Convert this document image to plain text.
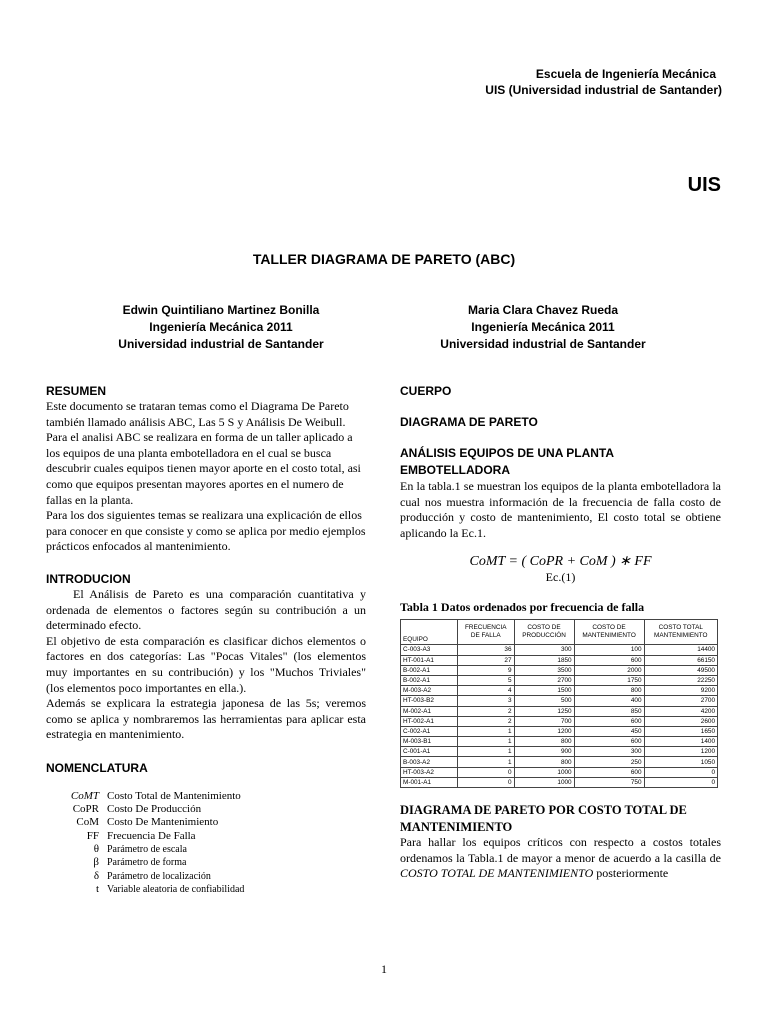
Escuela de Ingeniería Mecánica
UIS (Universidad industrial de Santander)
UIS
TALLER DIAGRAMA DE PARETO (ABC)
Edwin Quintiliano Martinez Bonilla
Ingeniería Mecánica 2011
Universidad industrial de Santander
Maria Clara Chavez Rueda
Ingeniería Mecánica 2011
Universidad industrial de Santander
RESUMEN

Este documento se trataran temas como el Diagrama De Pareto también llamado análisis ABC, Las 5 S y Análisis De Weibull. Para el analisi ABC se realizara en forma de un taller aplicado a los equipos de una planta embotelladora en el cual se busca descubrir cuales equipos tienen mayor aporte en el costo total, asi como que equipos presentan mayores aportes en el numero de fallas en la planta.

Para los dos siguientes temas se realizara una explicación de ellos para conocer en que consiste y como se aplica por medio ejemplos prácticos enfocados al mantenimiento.

INTRODUCION

El Análisis de Pareto es una comparación cuantitativa y ordenada de elementos o factores según su contribución a un determinado efecto.

El objetivo de esta comparación es clasificar dichos elementos o factores en dos categorías: Las "Pocas Vitales" (los elementos muy importantes en su contribución) y los "Muchos Triviales" (los elementos poco importantes en ella.).

Además se explicara la estrategia japonesa de las 5s; veremos como se aplica y nombraremos las herramientas para aplicar esta estrategia en mantenimiento.

NOMENCLATURA
CoMT Costo Total de Mantenimiento
CoPR Costo De Producción
CoM Costo De Mantenimiento
FF Frecuencia De Falla
θ Parámetro de escala
β Parámetro de forma
δ Parámetro de localización
t Variable aleatoria de confiabilidad
CUERPO
DIAGRAMA DE PARETO
ANÁLISIS EQUIPOS DE UNA PLANTA EMBOTELLADORA

En la tabla.1 se muestran los equipos de la planta embotelladora la cual nos muestra información de la frecuencia de falla costo de producción y costo de mantenimiento, El costo total se obtiene aplicando la Ec.1.

CoMT = ( CoPR + CoM ) ∗ FF
Ec.(1)
Tabla 1 Datos ordenados por frecuencia de falla
EQUIPO	FRECUENCIA DE FALLA	COSTO DE PRODUCCIÓN	COSTO DE MANTENIMIENTO	COSTO TOTAL MANTENIMIENTO
C-003-A3	36	300	100	14400
HT-001-A1	27	1850	600	66150
B-002-A1	9	3500	2000	49500
B-002-A1	5	2700	1750	22250
M-003-A2	4	1500	800	9200
HT-003-B2	3	500	400	2700
M-002-A1	2	1250	850	4200
HT-002-A1	2	700	600	2600
C-002-A1	1	1200	450	1650
M-003-B1	1	800	600	1400
C-001-A1	1	900	300	1200
B-003-A2	1	800	250	1050
HT-003-A2	0	1000	600	0
M-001-A1	0	1000	750	0
DIAGRAMA DE PARETO POR COSTO TOTAL DE MANTENIMIENTO

Para hallar los equipos críticos con respecto a costos totales ordenamos la Tabla.1 de mayor a menor de acuerdo a la casilla de COSTO TOTAL DE MANTENIMIENTO posteriormente

1
